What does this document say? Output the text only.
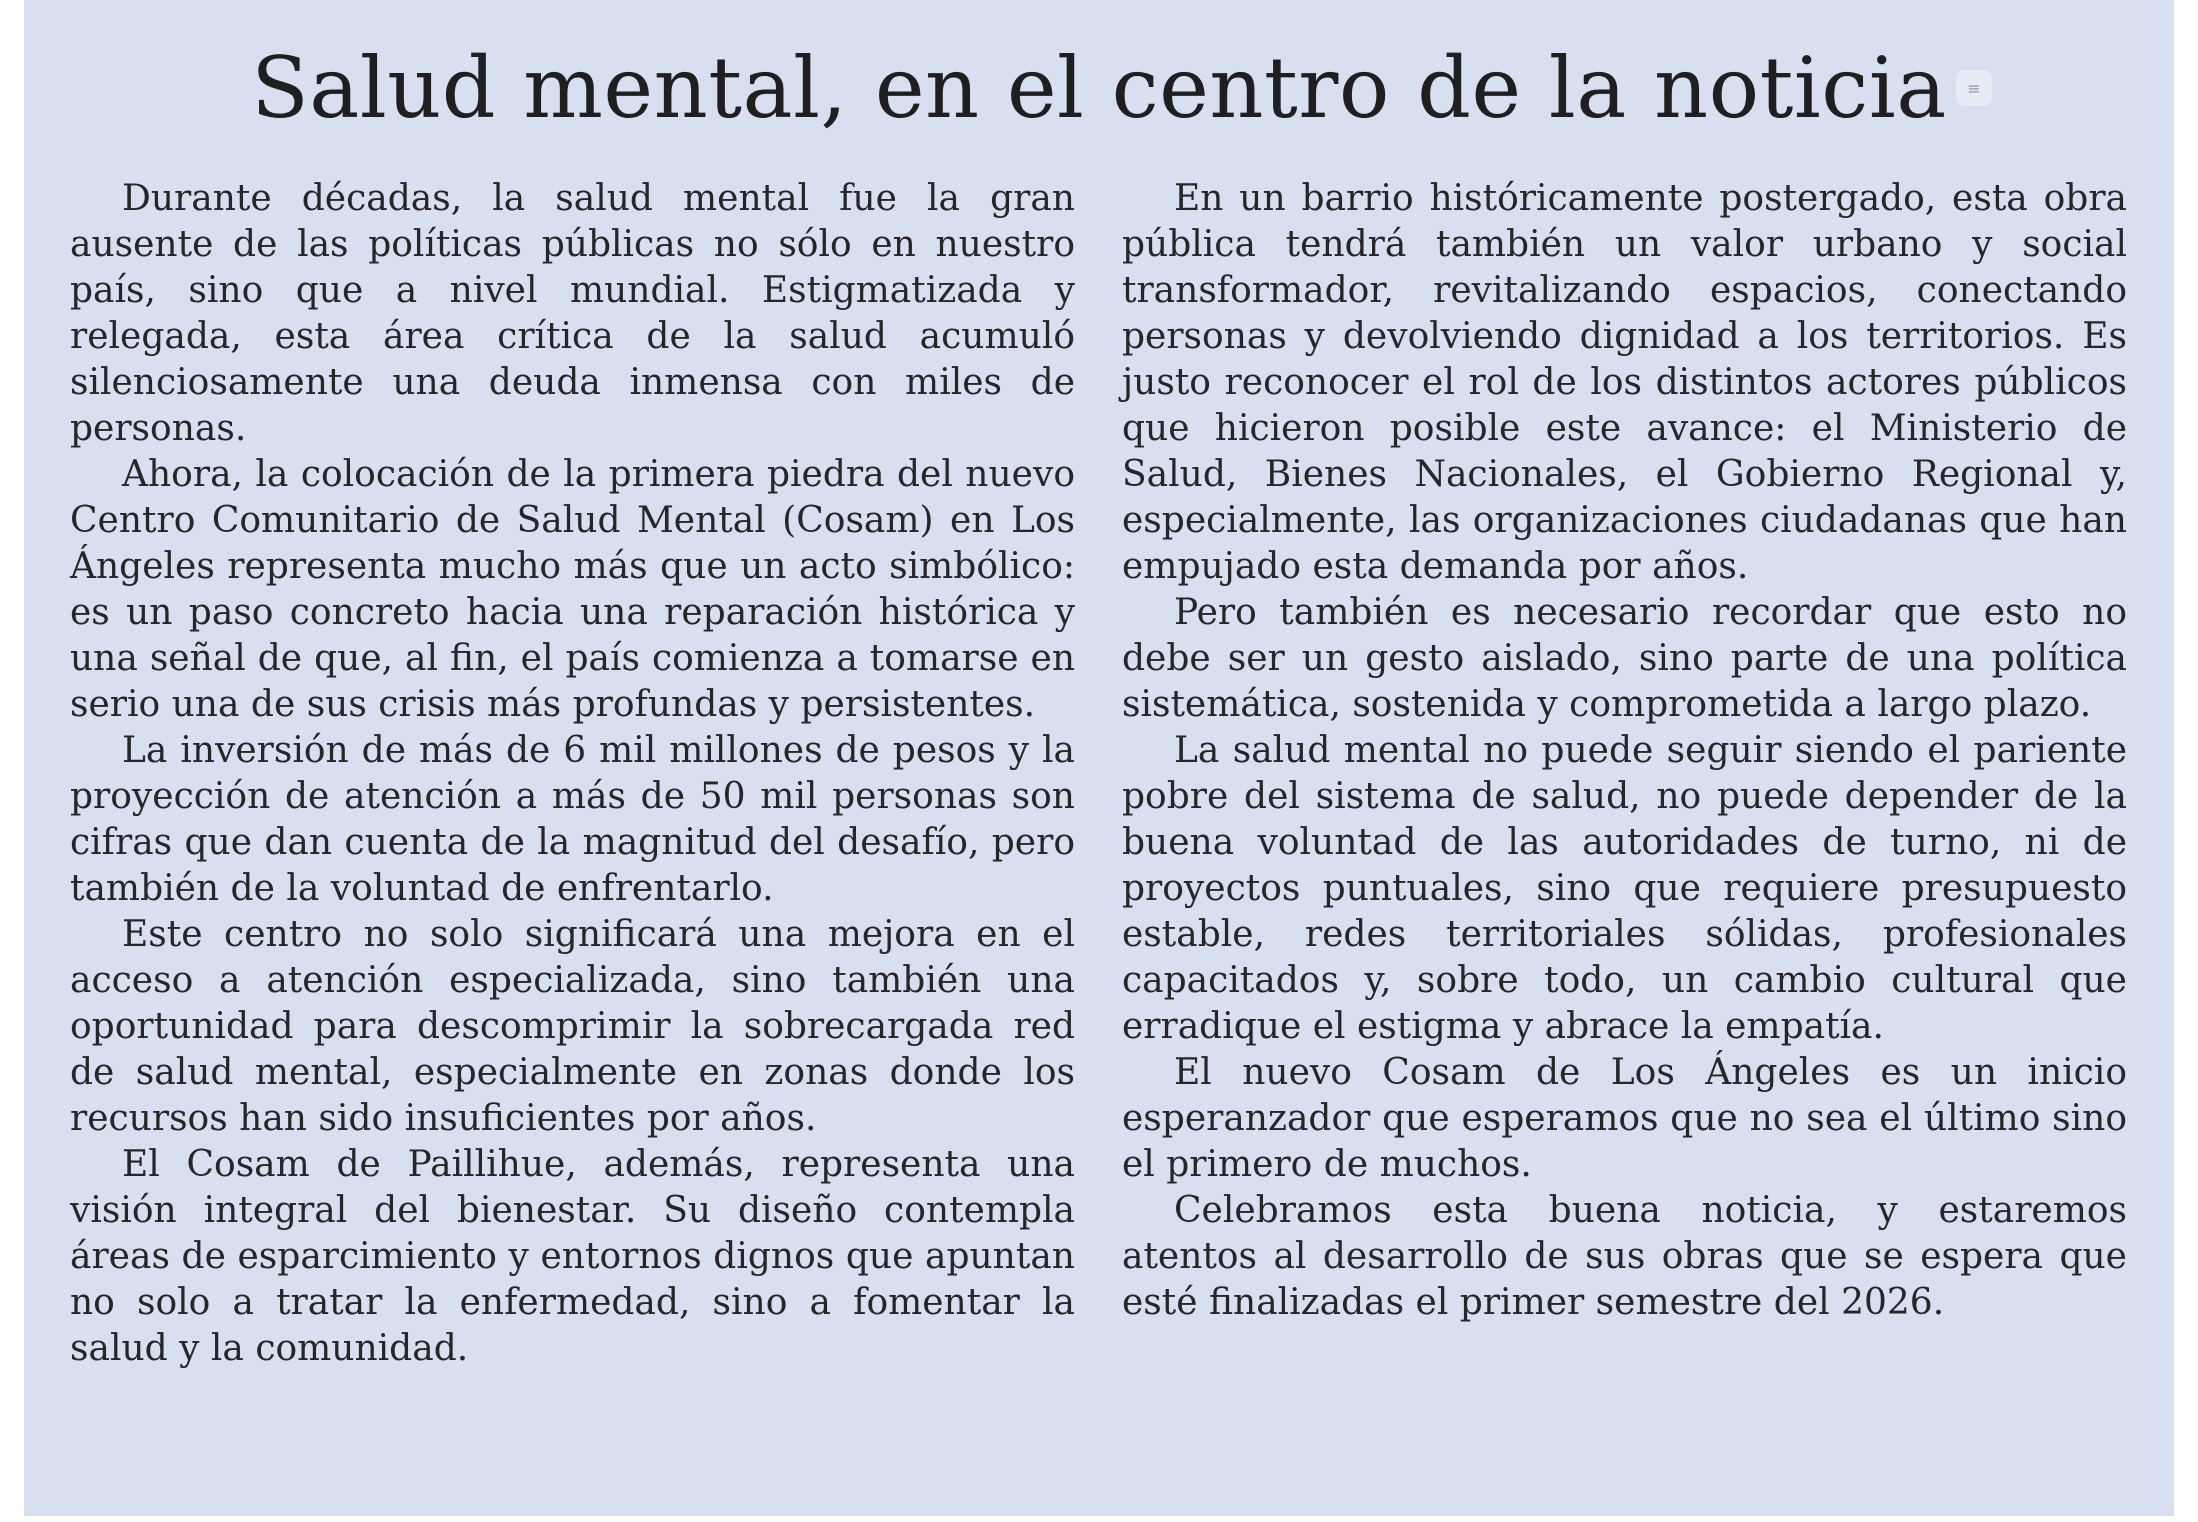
Salud mental, en el centro de la noticia	≡

Durante décadas, la salud mental fue la gran ausente de las políticas públicas no sólo en nuestro país, sino que a nivel mundial. Estigmatizada y relegada, esta área crítica de la salud acumuló silenciosamente una deuda inmensa con miles de personas.

Ahora, la colocación de la primera piedra del nuevo Centro Comunitario de Salud Mental (Cosam) en Los Ángeles representa mucho más que un acto simbólico: es un paso concreto hacia una reparación histórica y una señal de que, al fin, el país comienza a tomarse en serio una de sus crisis más profundas y persistentes.

La inversión de más de 6 mil millones de pesos y la proyección de atención a más de 50 mil personas son cifras que dan cuenta de la magnitud del desafío, pero también de la voluntad de enfrentarlo.

Este centro no solo significará una mejora en el acceso a atención especializada, sino también una oportunidad para descomprimir la sobrecargada red de salud mental, especialmente en zonas donde los recursos han sido insuficientes por años.

El Cosam de Paillihue, además, representa una visión integral del bienestar. Su diseño contempla áreas de esparcimiento y entornos dignos que apuntan no solo a tratar la enfermedad, sino a fomentar la salud y la comunidad.

En un barrio históricamente postergado, esta obra pública tendrá también un valor urbano y social transformador, revitalizando espacios, conectando personas y devolviendo dignidad a los territorios. Es justo reconocer el rol de los distintos actores públicos que hicieron posible este avance: el Ministerio de Salud, Bienes Nacionales, el Gobierno Regional y, especialmente, las organizaciones ciudadanas que han empujado esta demanda por años.

Pero también es necesario recordar que esto no debe ser un gesto aislado, sino parte de una política sistemática, sostenida y comprometida a largo plazo.

La salud mental no puede seguir siendo el pariente pobre del sistema de salud, no puede depender de la buena voluntad de las autoridades de turno, ni de proyectos puntuales, sino que requiere presupuesto estable, redes territoriales sólidas, profesionales capacitados y, sobre todo, un cambio cultural que erradique el estigma y abrace la empatía.

El nuevo Cosam de Los Ángeles es un inicio esperanzador que esperamos que no sea el último sino el primero de muchos.

Celebramos esta buena noticia, y estaremos atentos al desarrollo de sus obras que se espera que esté finalizadas el primer semestre del 2026.
